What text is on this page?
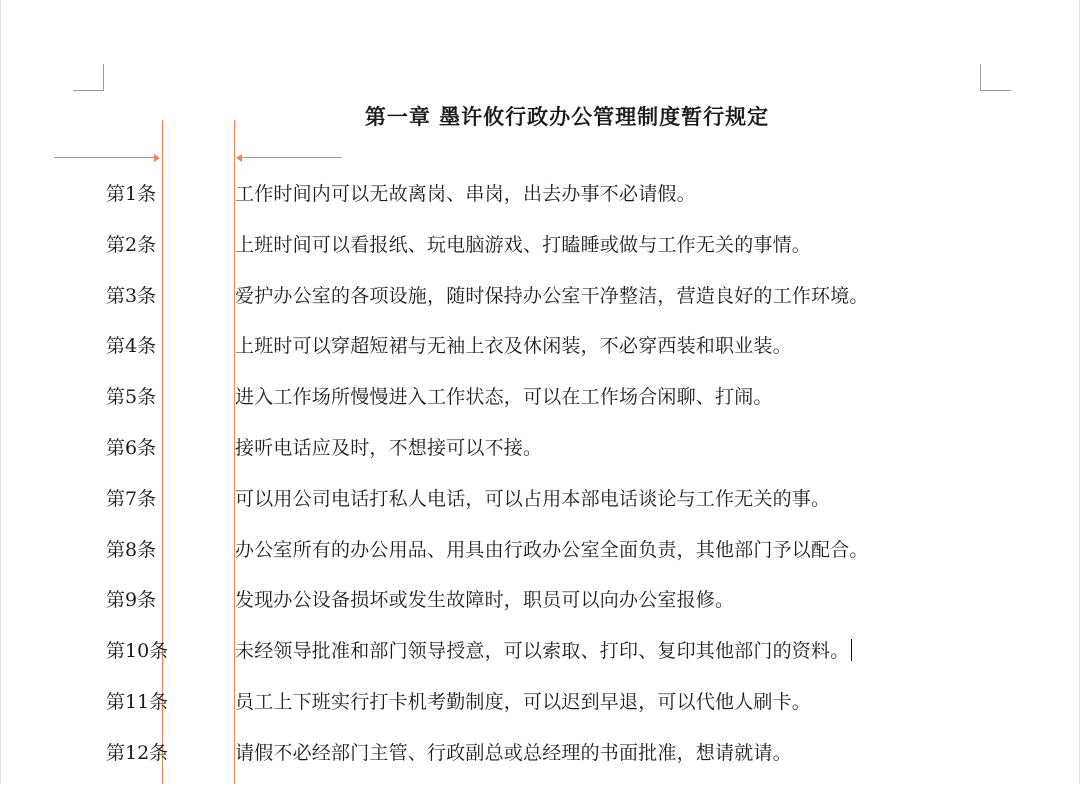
第一章 墨许攸行政办公管理制度暂行规定
第1条	工作时间内可以无故离岗、串岗，出去办事不必请假。
第2条	上班时间可以看报纸、玩电脑游戏、打瞌睡或做与工作无关的事情。
第3条	爱护办公室的各项设施，随时保持办公室干净整洁，营造良好的工作环境。
第4条	上班时可以穿超短裙与无袖上衣及休闲装，不必穿西装和职业装。
第5条	进入工作场所慢慢进入工作状态，可以在工作场合闲聊、打闹。
第6条	接听电话应及时，不想接可以不接。
第7条	可以用公司电话打私人电话，可以占用本部电话谈论与工作无关的事。
第8条	办公室所有的办公用品、用具由行政办公室全面负责，其他部门予以配合。
第9条	发现办公设备损坏或发生故障时，职员可以向办公室报修。
第10条	未经领导批准和部门领导授意，可以索取、打印、复印其他部门的资料。
第11条	员工上下班实行打卡机考勤制度，可以迟到早退，可以代他人刷卡。
第12条	请假不必经部门主管、行政副总或总经理的书面批准，想请就请。
